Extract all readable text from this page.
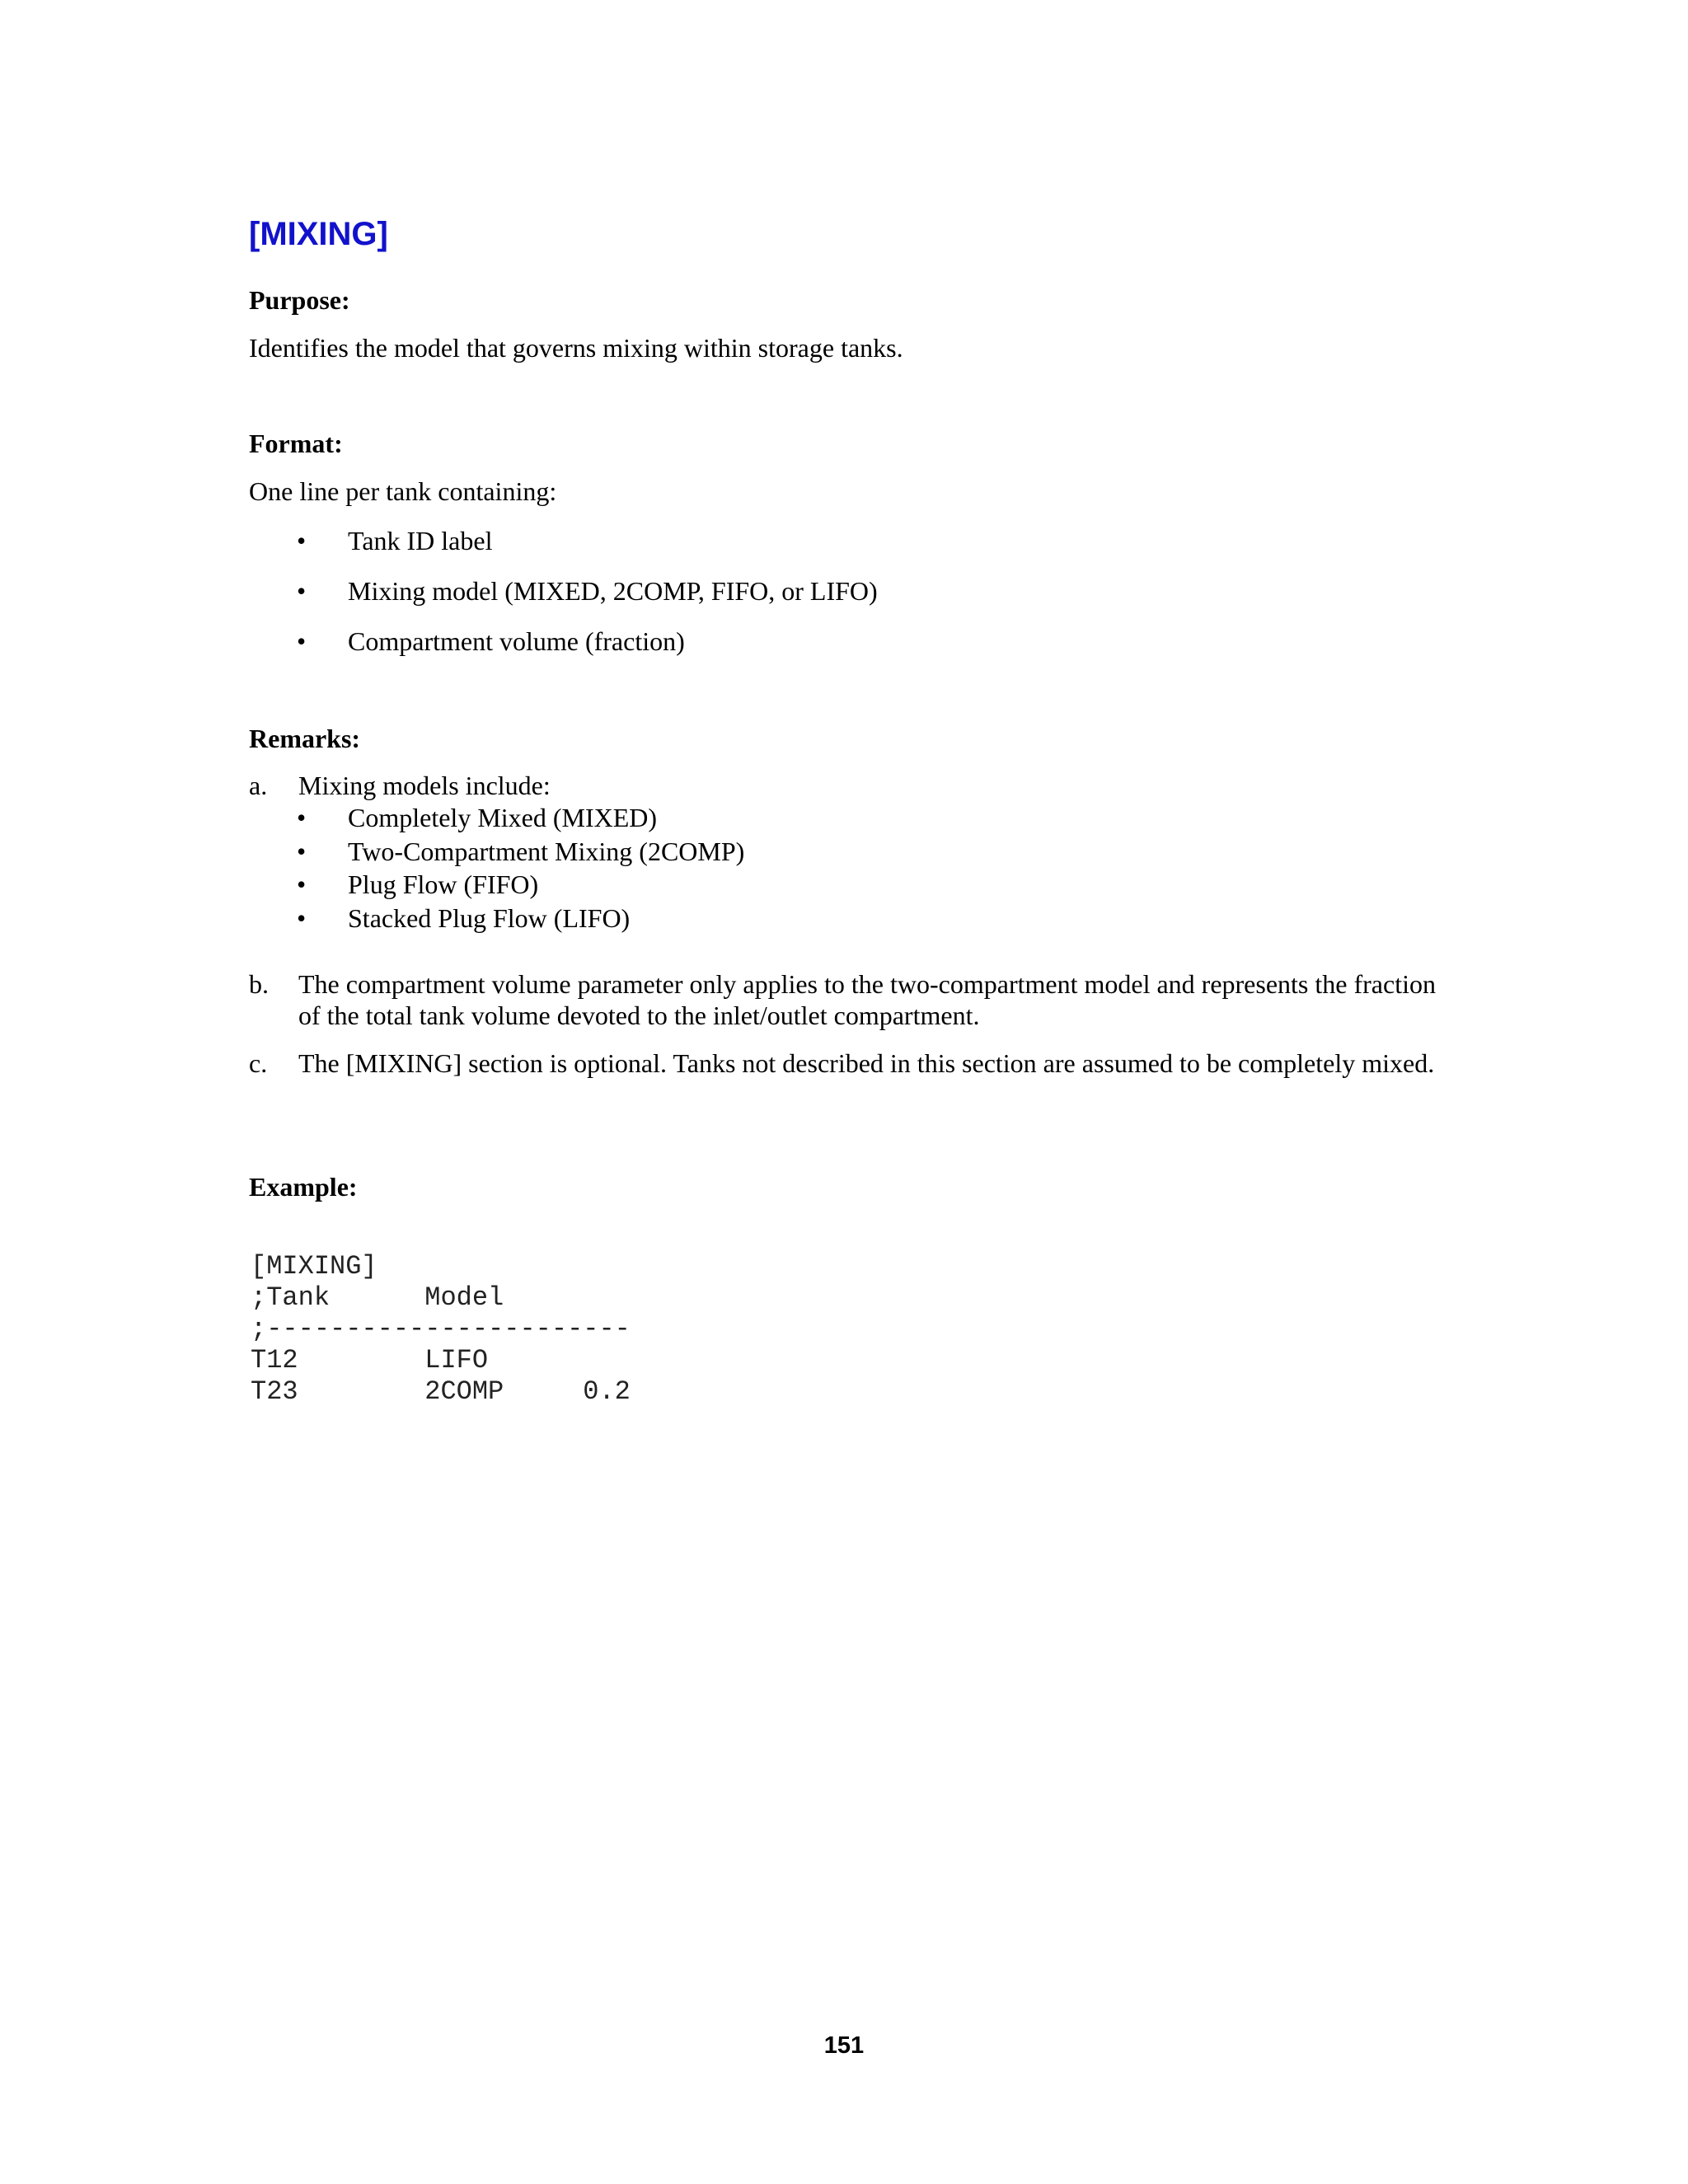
[MIXING]

Purpose:

Identifies the model that governs mixing within storage tanks.

Format:

One line per tank containing:

• Tank ID label
• Mixing model (MIXED, 2COMP, FIFO, or LIFO)
• Compartment volume (fraction)

Remarks:

a. Mixing models include:
• Completely Mixed (MIXED)
• Two-Compartment Mixing (2COMP)
• Plug Flow (FIFO)
• Stacked Plug Flow (LIFO)
b. The compartment volume parameter only applies to the two-compartment model and represents the fraction of the total tank volume devoted to the inlet/outlet compartment.
c. The [MIXING] section is optional. Tanks not described in this section are assumed to be completely mixed.

Example:

[MIXING]
;Tank      Model
;-----------------------
T12        LIFO
T23        2COMP     0.2
151
